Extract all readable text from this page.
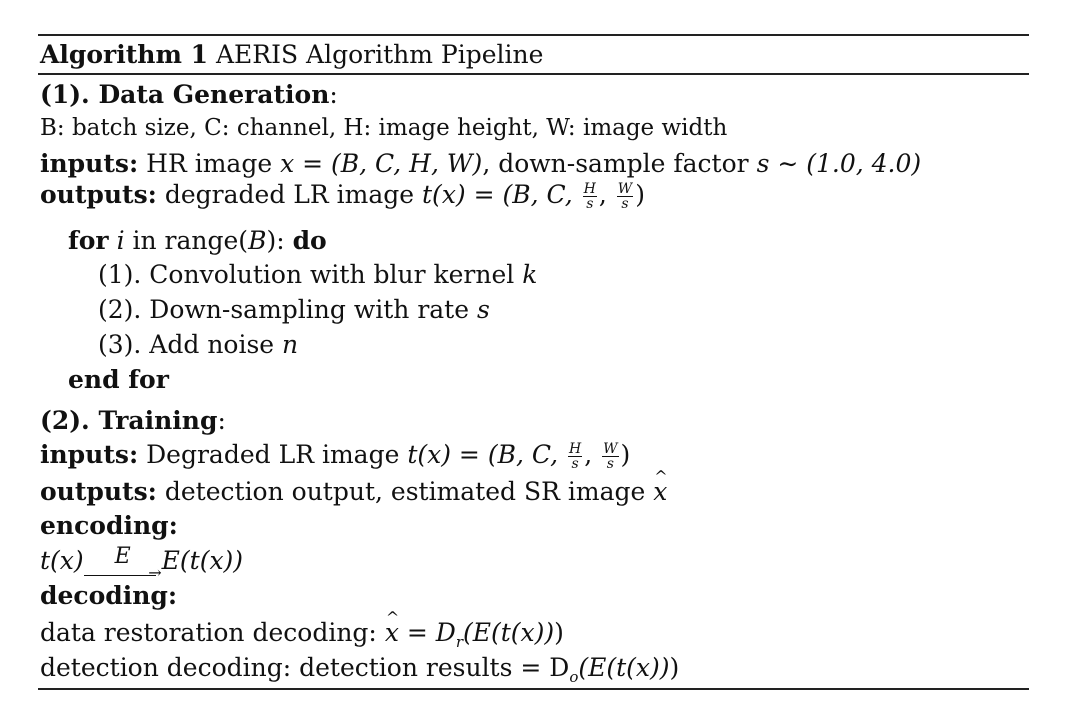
Algorithm 1 AERIS Algorithm Pipeline
(1). Data Generation:
B: batch size, C: channel, H: image height, W: image width
inputs: HR image x = (B, C, H, W), down-sample factor s ∼ (1.0, 4.0)
outputs: degraded LR image t(x) = (B, C, $\frac{H}{s}$ , $\frac{W}{s}$ )
for i in range(B): do
(1). Convolution with blur kernel k
(2). Down-sampling with rate s
(3). Add noise n
end for
(2). Training:
inputs: Degraded LR image t(x) = (B, C, $\frac{H}{s}$ , $\frac{W}{s}$ )
outputs: detection output, estimated SR image ^ x
encoding:
t(x)	E
→ E(t(x))
decoding:
data restoration decoding: ^ $x = D_r(E(t(x)))$
detection decoding: detection results = $D_o(E(t(x)))$
